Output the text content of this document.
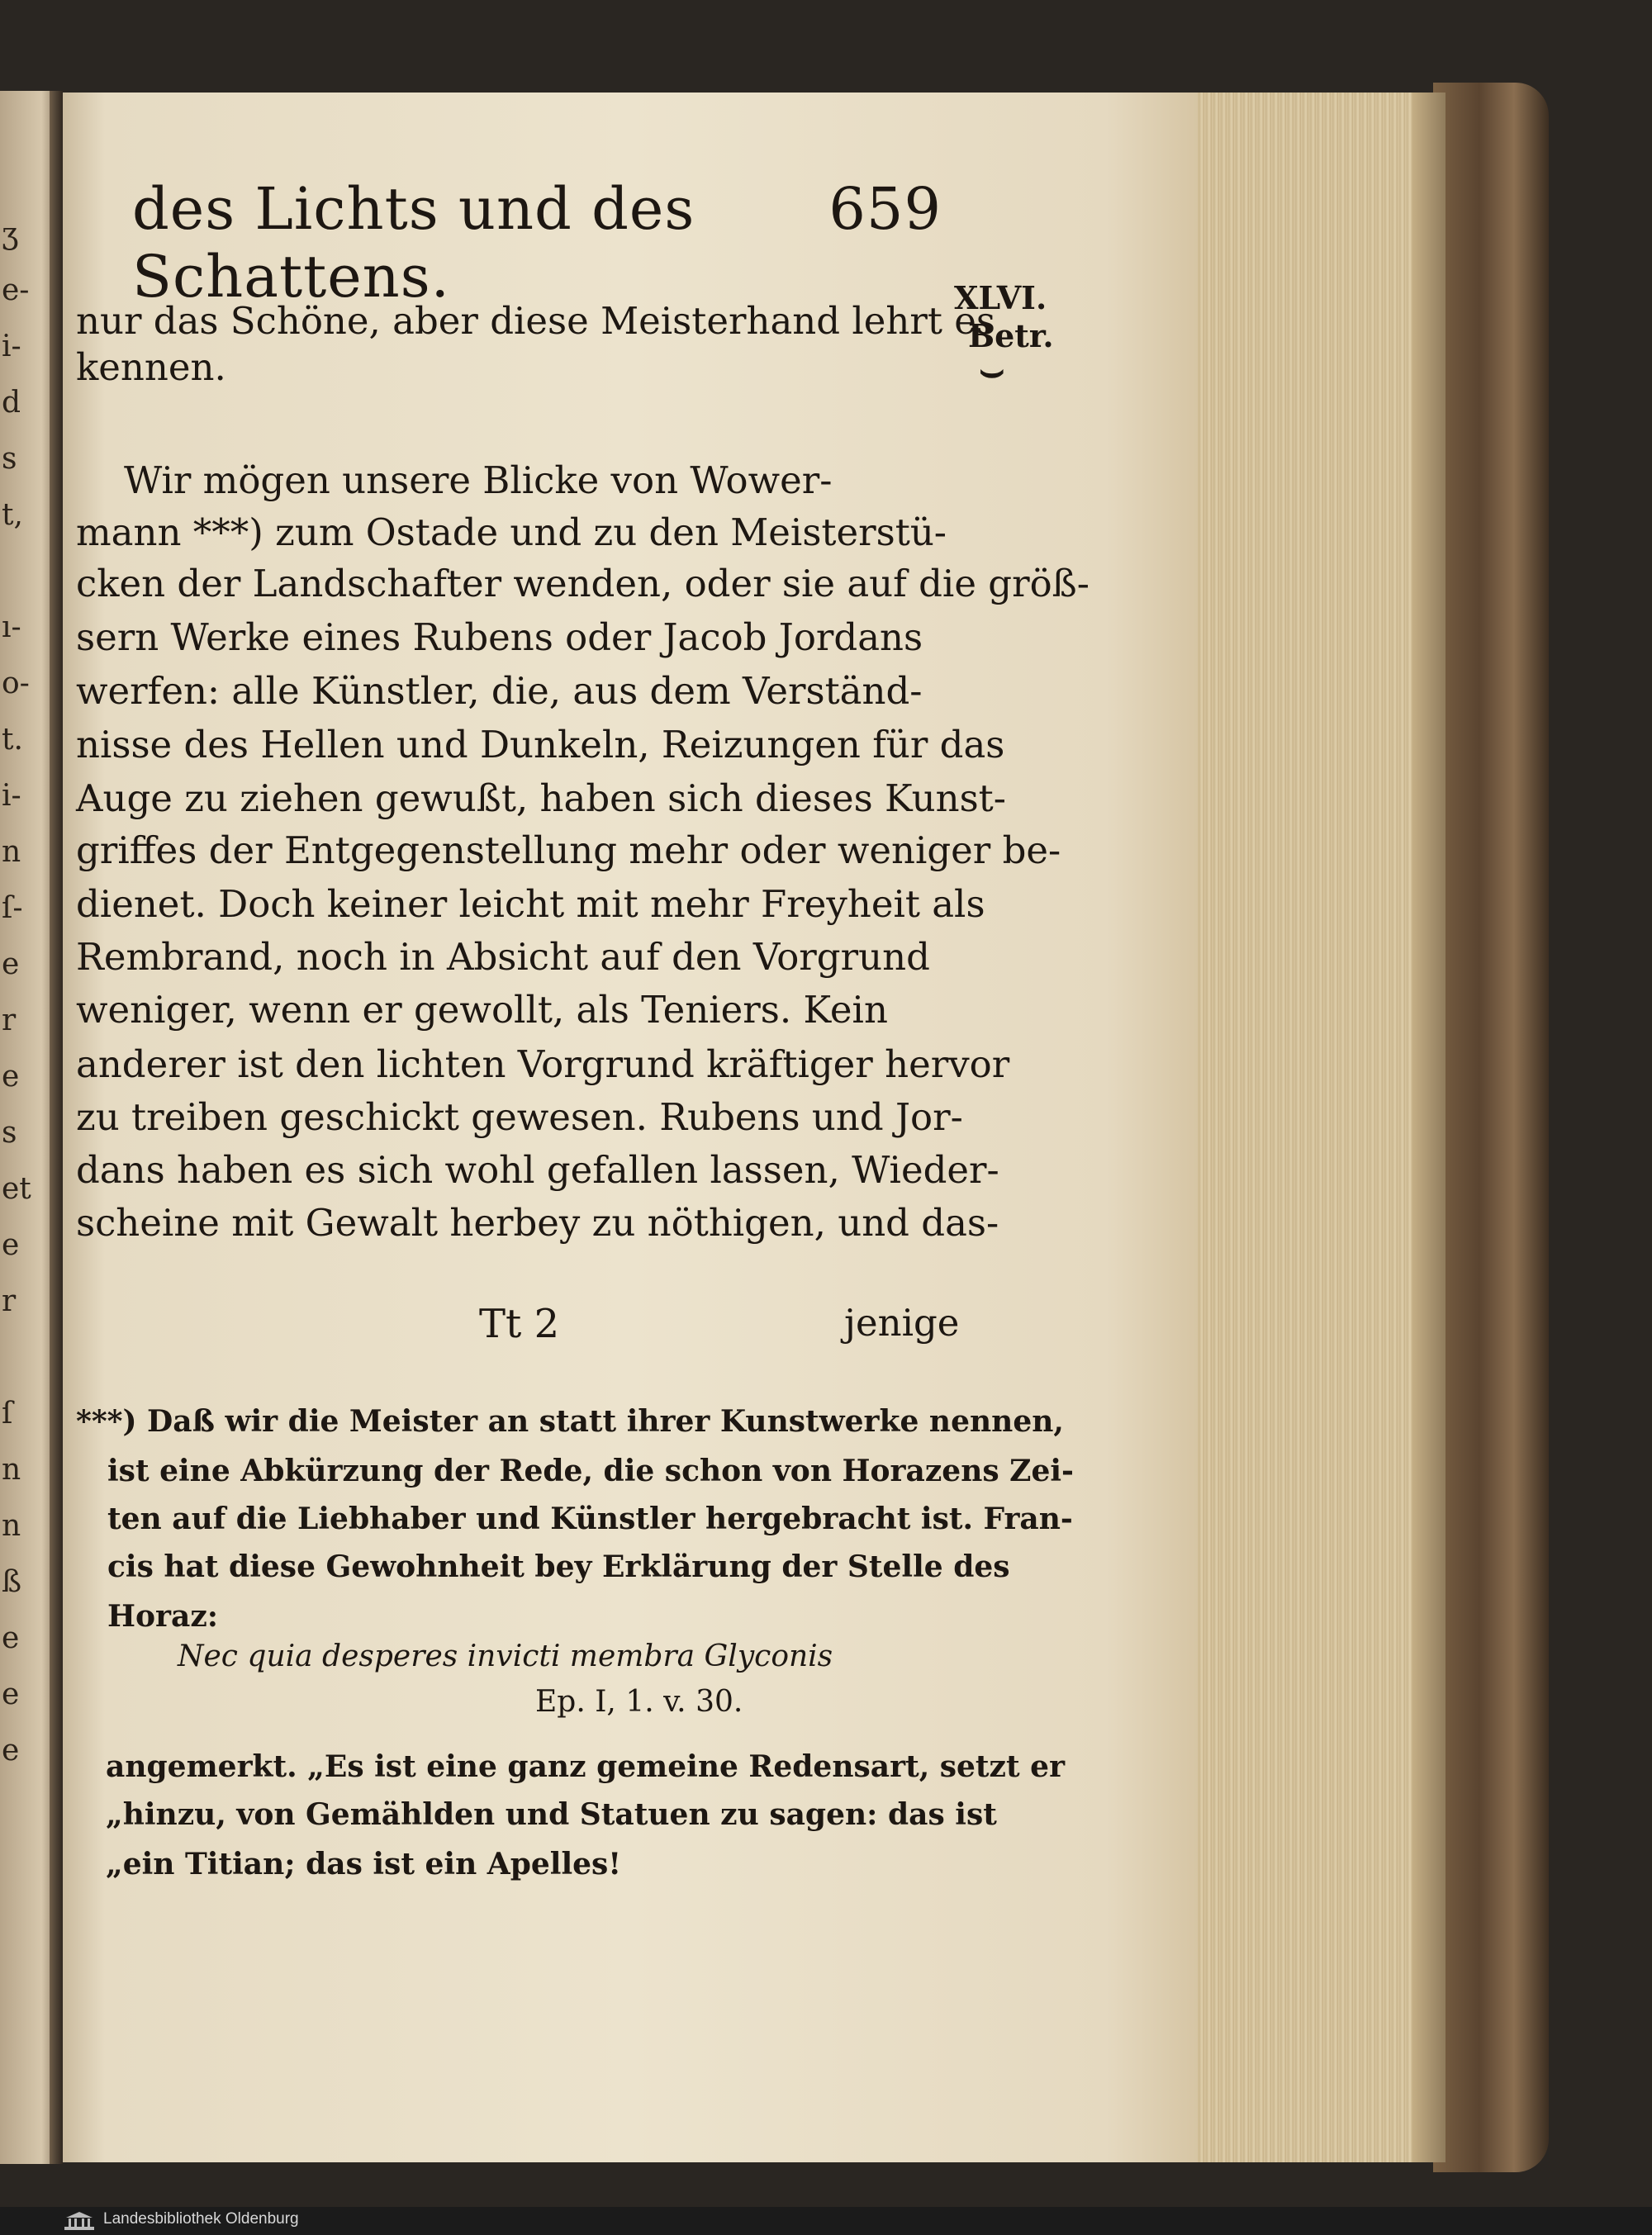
ʒ
e-
i-
d
s
t,

ı-
o-
t.
i-
n
ſ-
e
r
e
s
et
e
r

ſ
n
n
ß
e
e
e
des Lichts und des Schattens.
659
XLVI.
Betr.
⌣
nur das Schöne, aber diese Meisterhand lehrt es
kennen.
Wir mögen unsere Blicke von Wower-
mann ***) zum Ostade und zu den Meisterstü-
cken der Landschafter wenden, oder sie auf die größ-
sern Werke eines Rubens oder Jacob Jordans
werfen: alle Künstler, die, aus dem Verständ-
nisse des Hellen und Dunkeln, Reizungen für das
Auge zu ziehen gewußt, haben sich dieses Kunst-
griffes der Entgegenstellung mehr oder weniger be-
dienet. Doch keiner leicht mit mehr Freyheit als
Rembrand, noch in Absicht auf den Vorgrund
weniger, wenn er gewollt, als Teniers. Kein
anderer ist den lichten Vorgrund kräftiger hervor
zu treiben geschickt gewesen. Rubens und Jor-
dans haben es sich wohl gefallen lassen, Wieder-
scheine mit Gewalt herbey zu nöthigen, und das-
Tt 2	jenige
***) Daß wir die Meister an statt ihrer Kunstwerke nennen,
ist eine Abkürzung der Rede, die schon von Horazens Zei-
ten auf die Liebhaber und Künstler hergebracht ist. Fran-
cis hat diese Gewohnheit bey Erklärung der Stelle des
Horaz:
Nec quia desperes invicti membra Glyconis
Ep. I, 1. v. 30.
angemerkt. „Es ist eine ganz gemeine Redensart, setzt er
„hinzu, von Gemählden und Statuen zu sagen: das ist
„ein Titian; das ist ein Apelles!
Landesbibliothek Oldenburg
